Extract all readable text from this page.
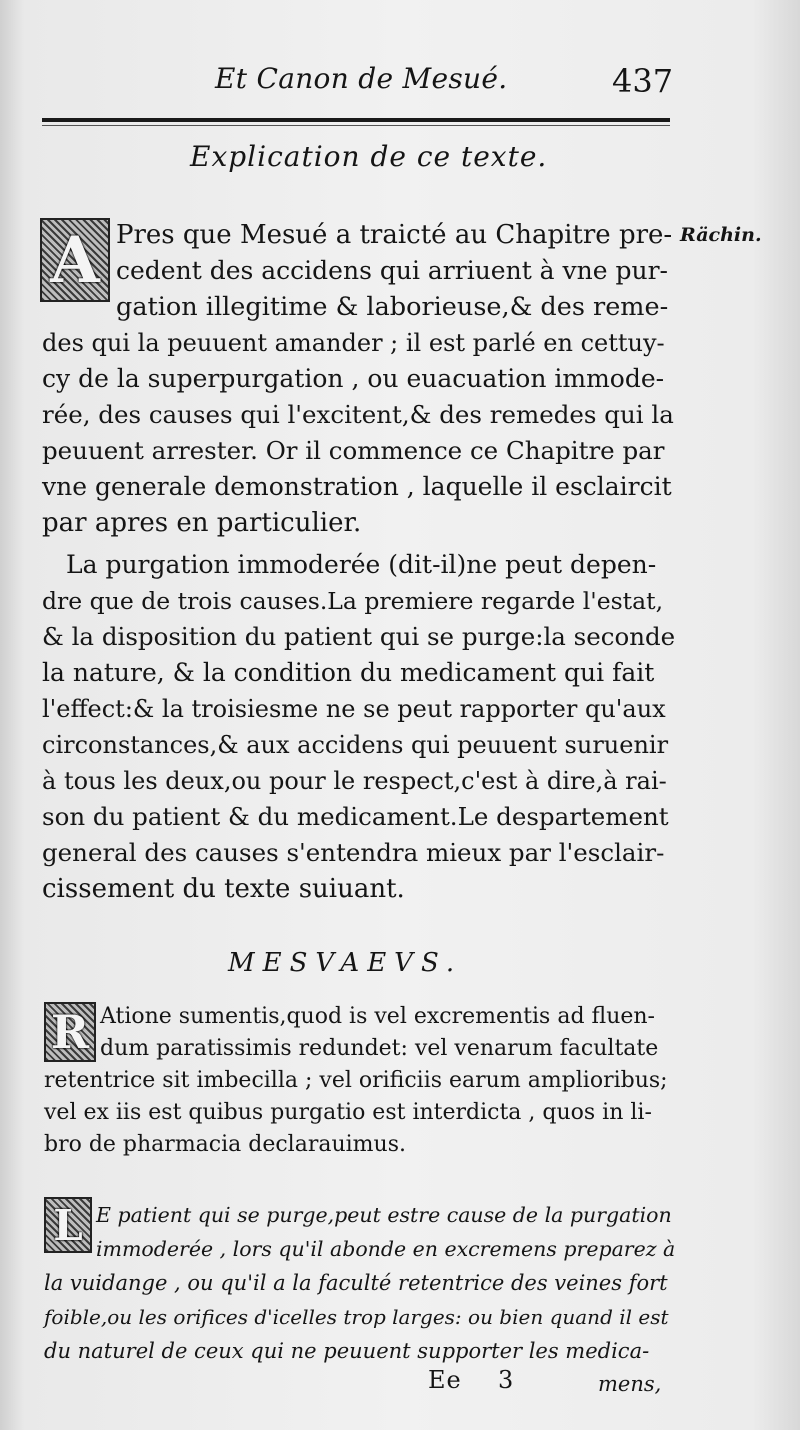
Et Canon de Mesué.	437
Explication de ce texte.
Rächin.
A Pres que Mesué a traicté au Chapitre pre-
cedent des accidens qui arriuent à vne pur-
gation illegitime & laborieuse,& des reme-
des qui la peuuent amander ; il est parlé en cettuy-
cy de la superpurgation , ou euacuation immode-
rée, des causes qui l'excitent,& des remedes qui la
peuuent arrester. Or il commence ce Chapitre par
vne generale demonstration , laquelle il esclaircit
par apres en particulier.
La purgation immoderée (dit-il)ne peut depen-
dre que de trois causes.La premiere regarde l'estat,
& la disposition du patient qui se purge:la seconde
la nature, & la condition du medicament qui fait
l'effect:& la troisiesme ne se peut rapporter qu'aux
circonstances,& aux accidens qui peuuent suruenir
à tous les deux,ou pour le respect,c'est à dire,à rai-
son du patient & du medicament.Le despartement
general des causes s'entendra mieux par l'esclair-
cissement du texte suiuant.
MESVAEVS.
R Atione sumentis,quod is vel excrementis ad fluen-
dum paratissimis redundet: vel venarum facultate
retentrice sit imbecilla ; vel orificiis earum amplioribus;
vel ex iis est quibus purgatio est interdicta , quos in li-
bro de pharmacia declarauimus.
L E patient qui se purge,peut estre cause de la purgation
immoderée , lors qu'il abonde en excremens preparez à
la vuidange , ou qu'il a la faculté retentrice des veines fort
foible,ou les orifices d'icelles trop larges: ou bien quand il est
du naturel de ceux qui ne peuuent supporter les medica-
Ee 3	mens,
